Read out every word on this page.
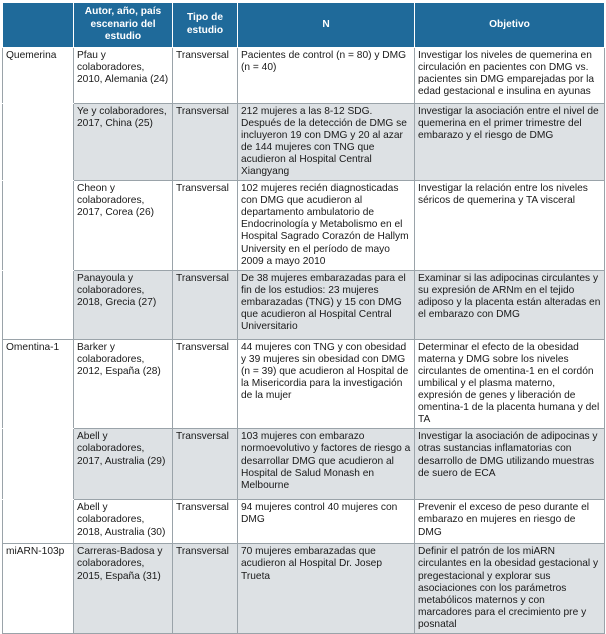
	Autor, año, país escenario del estudio	Tipo de estudio	N	Objetivo
Quemerina	Pfau y colaboradores, 2010, Alemania (24)	Transversal	Pacientes de control (n = 80) y DMG (n = 40)	Investigar los niveles de quemerina en circulación en pacientes con DMG vs. pacientes sin DMG emparejadas por la edad gestacional e insulina en ayunas
	Ye y colaboradores, 2017, China (25)	Transversal	212 mujeres a las 8-12 SDG. Después de la detección de DMG se incluyeron 19 con DMG y 20 al azar de 144 mujeres con TNG que acudieron al Hospital Central Xiangyang	Investigar la asociación entre el nivel de quemerina en el primer trimestre del embarazo y el riesgo de DMG
	Cheon y colaboradores, 2017, Corea (26)	Transversal	102 mujeres recién diagnosticadas con DMG que acudieron al departamento ambulatorio de Endocrinología y Metabolismo en el Hospital Sagrado Corazón de Hallym University en el período de mayo 2009 a mayo 2010	Investigar la relación entre los niveles séricos de quemerina y TA visceral
	Panayoula y colaboradores, 2018, Grecia (27)	Transversal	De 38 mujeres embarazadas para el fin de los estudios: 23 mujeres embarazadas (TNG) y 15 con DMG que acudieron al Hospital Central Universitario	Examinar si las adipocinas circulantes y su expresión de ARNm en el tejido adiposo y la placenta están alteradas en el embarazo con DMG
Omentina-1	Barker y colaboradores, 2012, España (28)	Transversal	44 mujeres con TNG y con obesidad y 39 mujeres sin obesidad con DMG (n = 39) que acudieron al Hospital de la Misericordia para la investigación de la mujer	Determinar el efecto de la obesidad materna y DMG sobre los niveles circulantes de omentina-1 en el cordón umbilical y el plasma materno, expresión de genes y liberación de omentina-1 de la placenta humana y del TA
	Abell y colaboradores, 2017, Australia (29)	Transversal	103 mujeres con embarazo normoevolutivo y factores de riesgo a desarrollar DMG que acudieron al Hospital de Salud Monash en Melbourne	Investigar la asociación de adipocinas y otras sustancias inflamatorias con desarrollo de DMG utilizando muestras de suero de ECA
	Abell y colaboradores, 2018, Australia (30)	Transversal	94 mujeres control 40 mujeres con DMG	Prevenir el exceso de peso durante el embarazo en mujeres en riesgo de DMG
miARN-103p	Carreras-Badosa y colaboradores, 2015, España (31)	Transversal	70 mujeres embarazadas que acudieron al Hospital Dr. Josep Trueta	Definir el patrón de los miARN circulantes en la obesidad gestacional y pregestacional y explorar sus asociaciones con los parámetros metabólicos maternos y con marcadores para el crecimiento pre y posnatal
